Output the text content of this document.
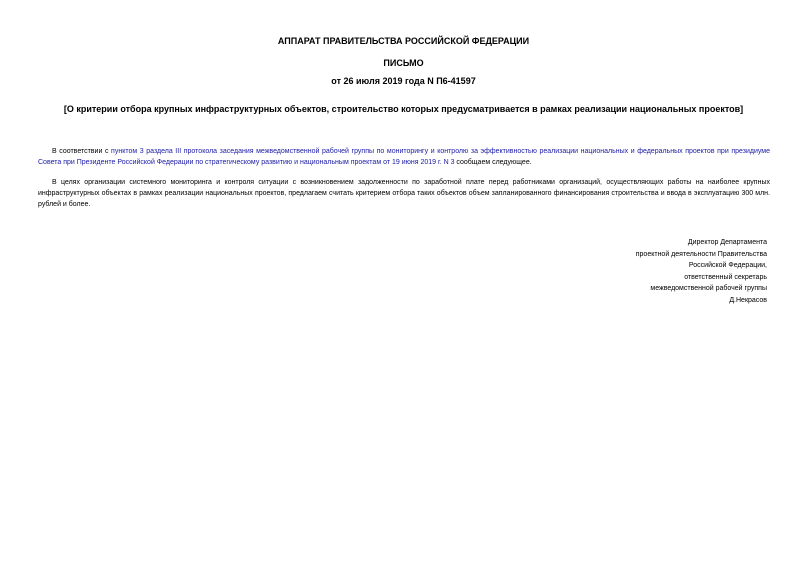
АППАРАТ ПРАВИТЕЛЬСТВА РОССИЙСКОЙ ФЕДЕРАЦИИ
ПИСЬМО
от 26 июля 2019 года N П6-41597
[О критерии отбора крупных инфраструктурных объектов, строительство которых предусматривается в рамках реализации национальных проектов]
В соответствии с пунктом 3 раздела III протокола заседания межведомственной рабочей группы по мониторингу и контролю за эффективностью реализации национальных и федеральных проектов при президиуме Совета при Президенте Российской Федерации по стратегическому развитию и национальным проектам от 19 июня 2019 г. N 3 сообщаем следующее.
В целях организации системного мониторинга и контроля ситуации с возникновением задолженности по заработной плате перед работниками организаций, осуществляющих работы на наиболее крупных инфраструктурных объектах в рамках реализации национальных проектов, предлагаем считать критерием отбора таких объектов объем запланированного финансирования строительства и ввода в эксплуатацию 300 млн. рублей и более.
Директор Департамента
проектной деятельности Правительства
Российской Федерации,
ответственный секретарь
межведомственной рабочей группы
Д.Некрасов
